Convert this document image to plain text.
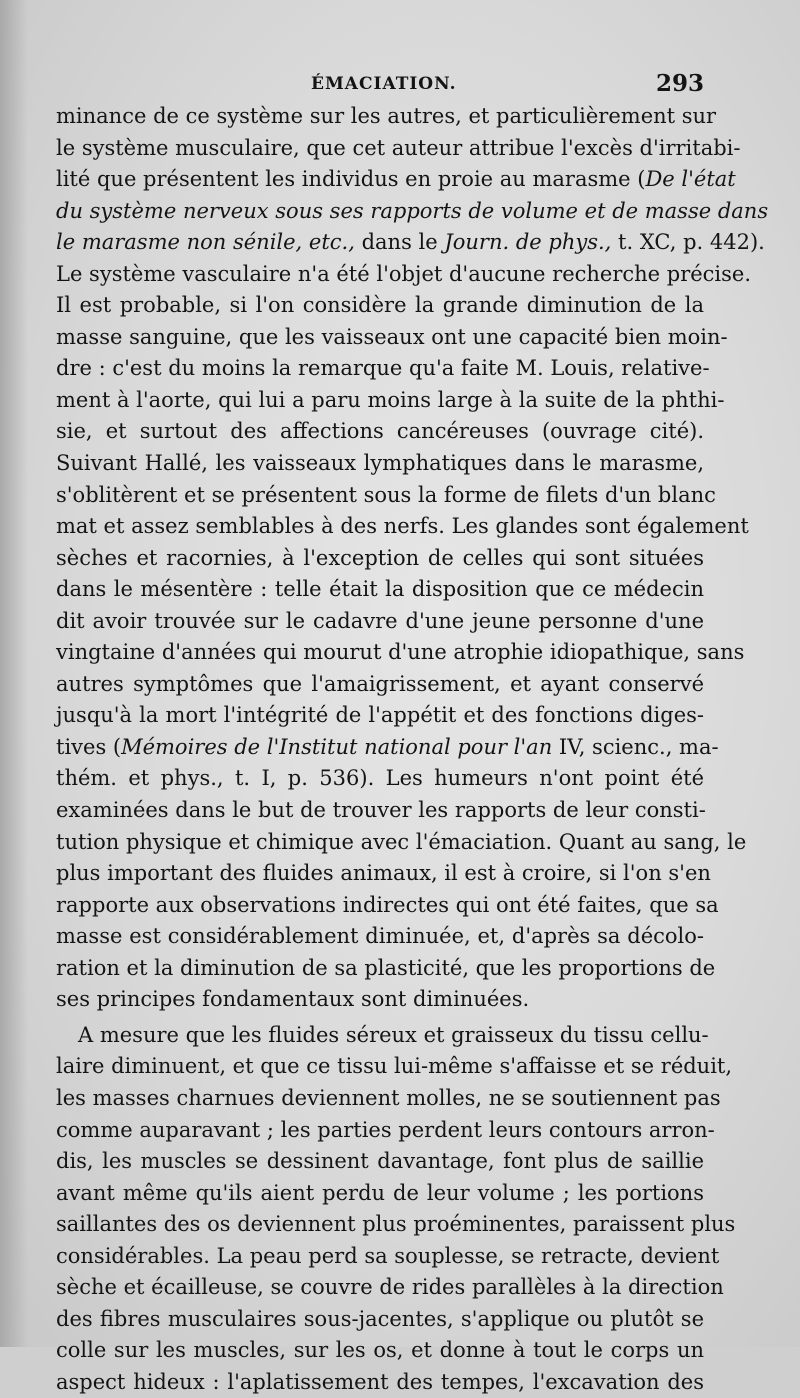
ÉMACIATION.	293
minance de ce système sur les autres, et particulièrement sur
le système musculaire, que cet auteur attribue l'excès d'irritabi-
lité que présentent les individus en proie au marasme (De l'état
du système nerveux sous ses rapports de volume et de masse dans
le marasme non sénile, etc., dans le Journ. de phys., t. XC, p. 442).
Le système vasculaire n'a été l'objet d'aucune recherche précise.
Il est probable, si l'on considère la grande diminution de la
masse sanguine, que les vaisseaux ont une capacité bien moin-
dre : c'est du moins la remarque qu'a faite M. Louis, relative-
ment à l'aorte, qui lui a paru moins large à la suite de la phthi-
sie, et surtout des affections cancéreuses (ouvrage cité).
Suivant Hallé, les vaisseaux lymphatiques dans le marasme,
s'oblitèrent et se présentent sous la forme de filets d'un blanc
mat et assez semblables à des nerfs. Les glandes sont également
sèches et racornies, à l'exception de celles qui sont situées
dans le mésentère : telle était la disposition que ce médecin
dit avoir trouvée sur le cadavre d'une jeune personne d'une
vingtaine d'années qui mourut d'une atrophie idiopathique, sans
autres symptômes que l'amaigrissement, et ayant conservé
jusqu'à la mort l'intégrité de l'appétit et des fonctions diges-
tives (Mémoires de l'Institut national pour l'an IV, scienc., ma-
thém. et phys., t. I, p. 536). Les humeurs n'ont point été
examinées dans le but de trouver les rapports de leur consti-
tution physique et chimique avec l'émaciation. Quant au sang, le
plus important des fluides animaux, il est à croire, si l'on s'en
rapporte aux observations indirectes qui ont été faites, que sa
masse est considérablement diminuée, et, d'après sa décolo-
ration et la diminution de sa plasticité, que les proportions de
ses principes fondamentaux sont diminuées.
A mesure que les fluides séreux et graisseux du tissu cellu-
laire diminuent, et que ce tissu lui-même s'affaisse et se réduit,
les masses charnues deviennent molles, ne se soutiennent pas
comme auparavant ; les parties perdent leurs contours arron-
dis, les muscles se dessinent davantage, font plus de saillie
avant même qu'ils aient perdu de leur volume ; les portions
saillantes des os deviennent plus proéminentes, paraissent plus
considérables. La peau perd sa souplesse, se retracte, devient
sèche et écailleuse, se couvre de rides parallèles à la direction
des fibres musculaires sous-jacentes, s'applique ou plutôt se
colle sur les muscles, sur les os, et donne à tout le corps un
aspect hideux : l'aplatissement des tempes, l'excavation des
